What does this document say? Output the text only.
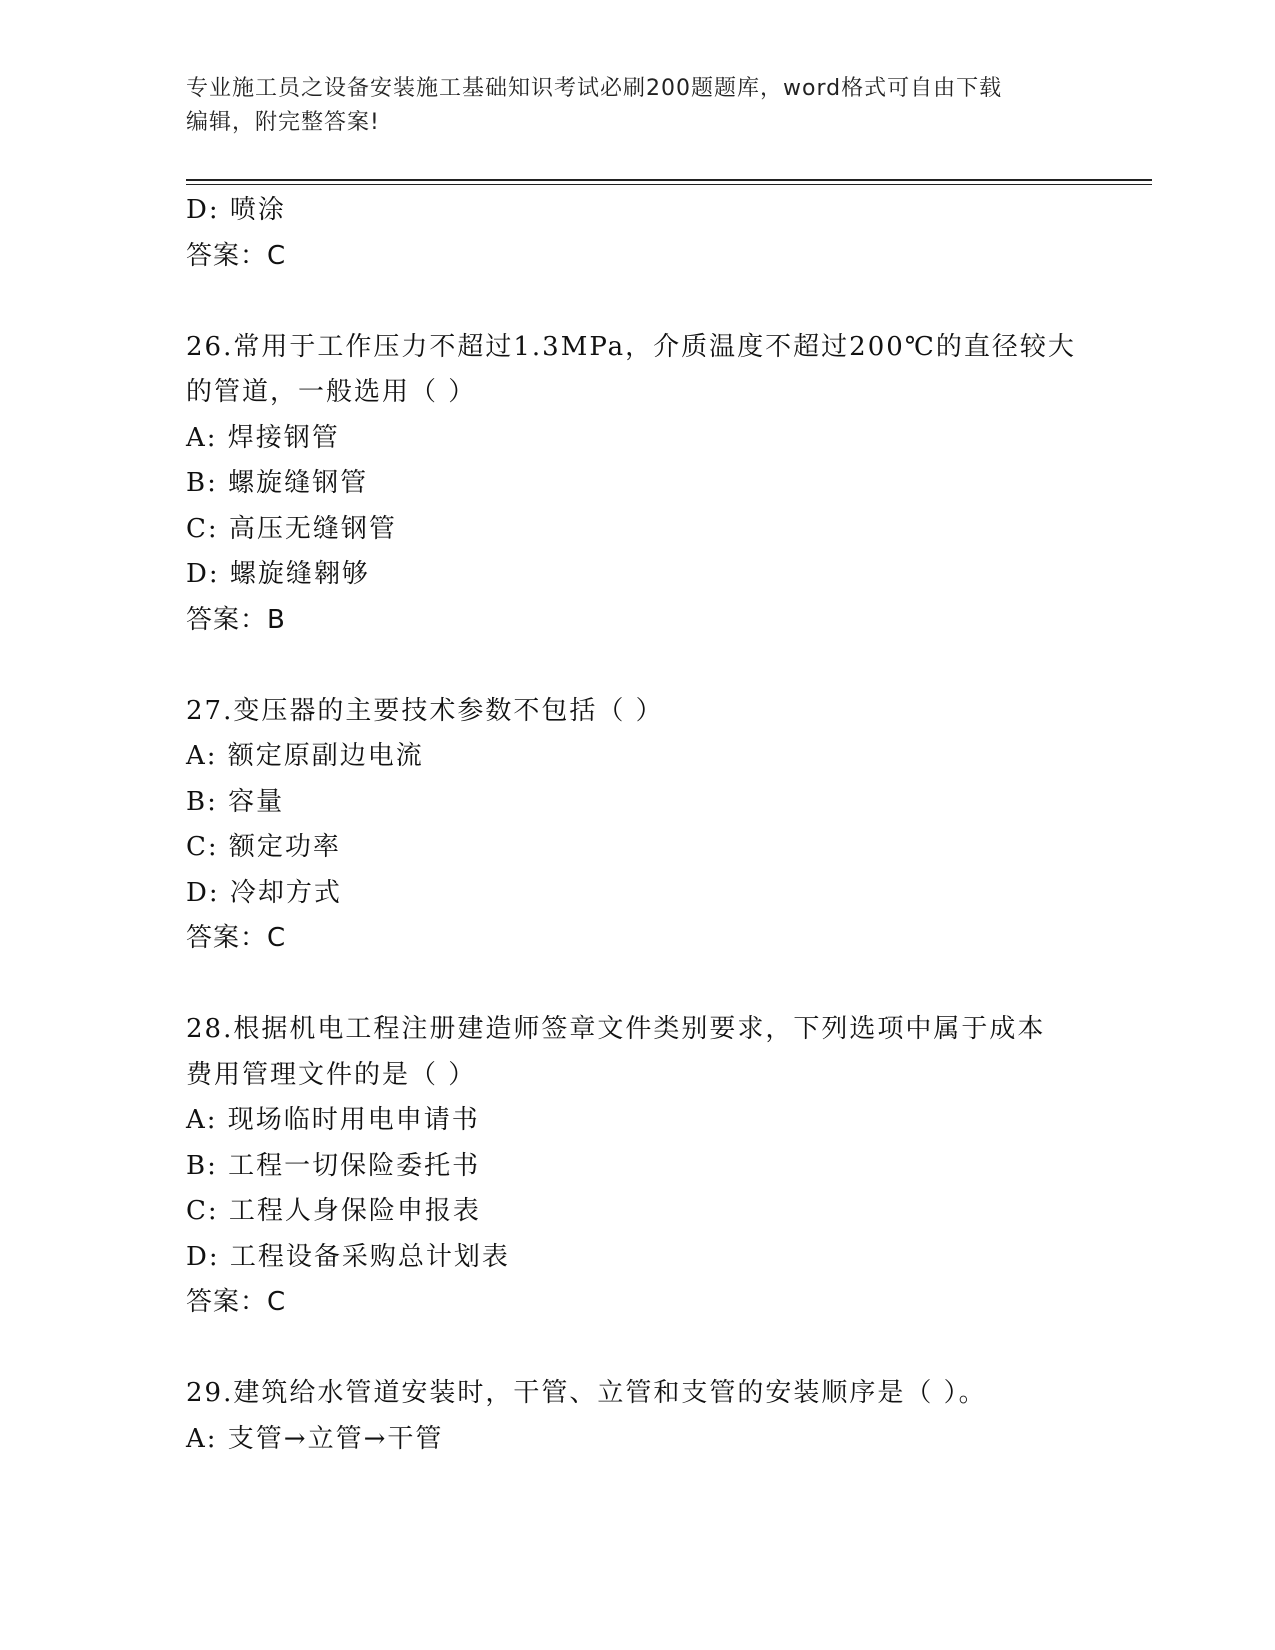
专业施工员之设备安装施工基础知识考试必刷200题题库，word格式可自由下载
编辑，附完整答案!
D: 喷涂
答案：C
26.常用于工作压力不超过1.3MPa，介质温度不超过200℃的直径较大
的管道，一般选用（ ）
A: 焊接钢管
B: 螺旋缝钢管
C: 高压无缝钢管
D: 螺旋缝翱够
答案：B
27.变压器的主要技术参数不包括（ ）
A: 额定原副边电流
B: 容量
C: 额定功率
D: 冷却方式
答案：C
28.根据机电工程注册建造师签章文件类别要求，下列选项中属于成本
费用管理文件的是（ ）
A: 现场临时用电申请书
B: 工程一切保险委托书
C: 工程人身保险申报表
D: 工程设备采购总计划表
答案：C
29.建筑给水管道安装时，干管、立管和支管的安装顺序是（ ）。
A: 支管→立管→干管
